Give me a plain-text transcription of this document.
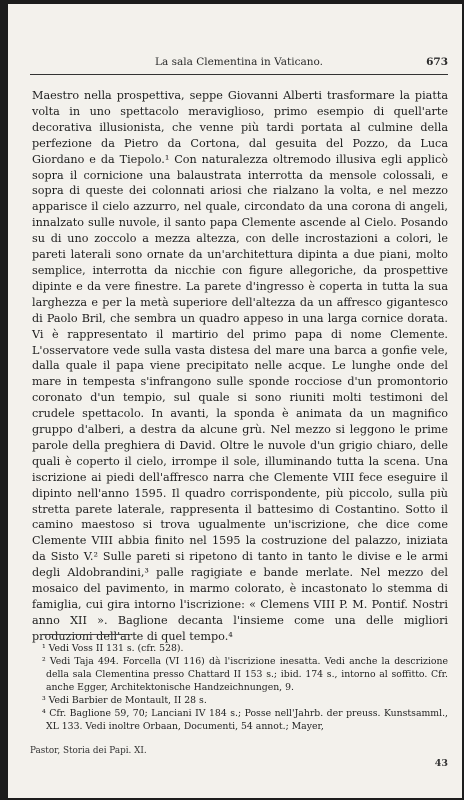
La sala Clementina in Vaticano.	673

Maestro nella prospettiva, seppe Giovanni Alberti trasformare la piatta volta in uno spettacolo meraviglioso, primo esempio di quell'arte decorativa illusionista, che venne più tardi portata al culmine della perfezione da Pietro da Cortona, dal gesuita del Pozzo, da Luca Giordano e da Tiepolo.¹ Con naturalezza oltremodo illusiva egli applicò sopra il cornicione una balaustrata interrotta da mensole colossali, e sopra di queste dei colonnati ariosi che rialzano la volta, e nel mezzo apparisce il cielo azzurro, nel quale, circondato da una corona di angeli, innalzato sulle nuvole, il santo papa Clemente ascende al Cielo. Posando su di uno zoccolo a mezza altezza, con delle incrostazioni a colori, le pareti laterali sono ornate da un'architettura dipinta a due piani, molto semplice, interrotta da nicchie con figure allegoriche, da prospettive dipinte e da vere finestre. La parete d'ingresso è coperta in tutta la sua larghezza e per la metà superiore dell'altezza da un affresco gigantesco di Paolo Bril, che sembra un quadro appeso in una larga cornice dorata. Vi è rappresentato il martirio del primo papa di nome Clemente. L'osservatore vede sulla vasta distesa del mare una barca a gonfie vele, dalla quale il papa viene precipitato nelle acque. Le lunghe onde del mare in tempesta s'infrangono sulle sponde rocciose d'un promontorio coronato d'un tempio, sul quale si sono riuniti molti testimoni del crudele spettacolo. In avanti, la sponda è animata da un magnifico gruppo d'alberi, a destra da alcune grù. Nel mezzo si leggono le prime parole della preghiera di David. Oltre le nuvole d'un grigio chiaro, delle quali è coperto il cielo, irrompe il sole, illuminando tutta la scena. Una iscrizione ai piedi dell'affresco narra che Clemente VIII fece eseguire il dipinto nell'anno 1595. Il quadro corrispondente, più piccolo, sulla più stretta parete laterale, rappresenta il battesimo di Costantino. Sotto il camino maestoso si trova ugualmente un'iscrizione, che dice come Clemente VIII abbia finito nel 1595 la costruzione del palazzo, iniziata da Sisto V.² Sulle pareti si ripetono di tanto in tanto le divise e le armi degli Aldobrandini,³ palle ragigiate e bande merlate. Nel mezzo del mosaico del pavimento, in marmo colorato, è incastonato lo stemma di famiglia, cui gira intorno l'iscrizione: « Clemens VIII P. M. Pontif. Nostri anno XII ». Baglione decanta l'insieme come una delle migliori produzioni dell'arte di quel tempo.⁴

¹ Vedi Voss II 131 s. (cfr. 528).
² Vedi Taja 494. Forcella (VI 116) dà l'iscrizione inesatta. Vedi anche la descrizione della sala Clementina presso Chattard II 153 s.; ibid. 174 s., intorno al soffitto. Cfr. anche Egger, Architektonische Handzeichnungen, 9.
³ Vedi Barbier de Montault, II 28 s.
⁴ Cfr. Baglione 59, 70; Lanciani IV 184 s.; Posse nell'Jahrb. der preuss. Kunstsamml., XL 133. Vedi inoltre Orbaan, Documenti, 54 annot.; Mayer,
Pastor, Storia dei Papi. XI.
43
